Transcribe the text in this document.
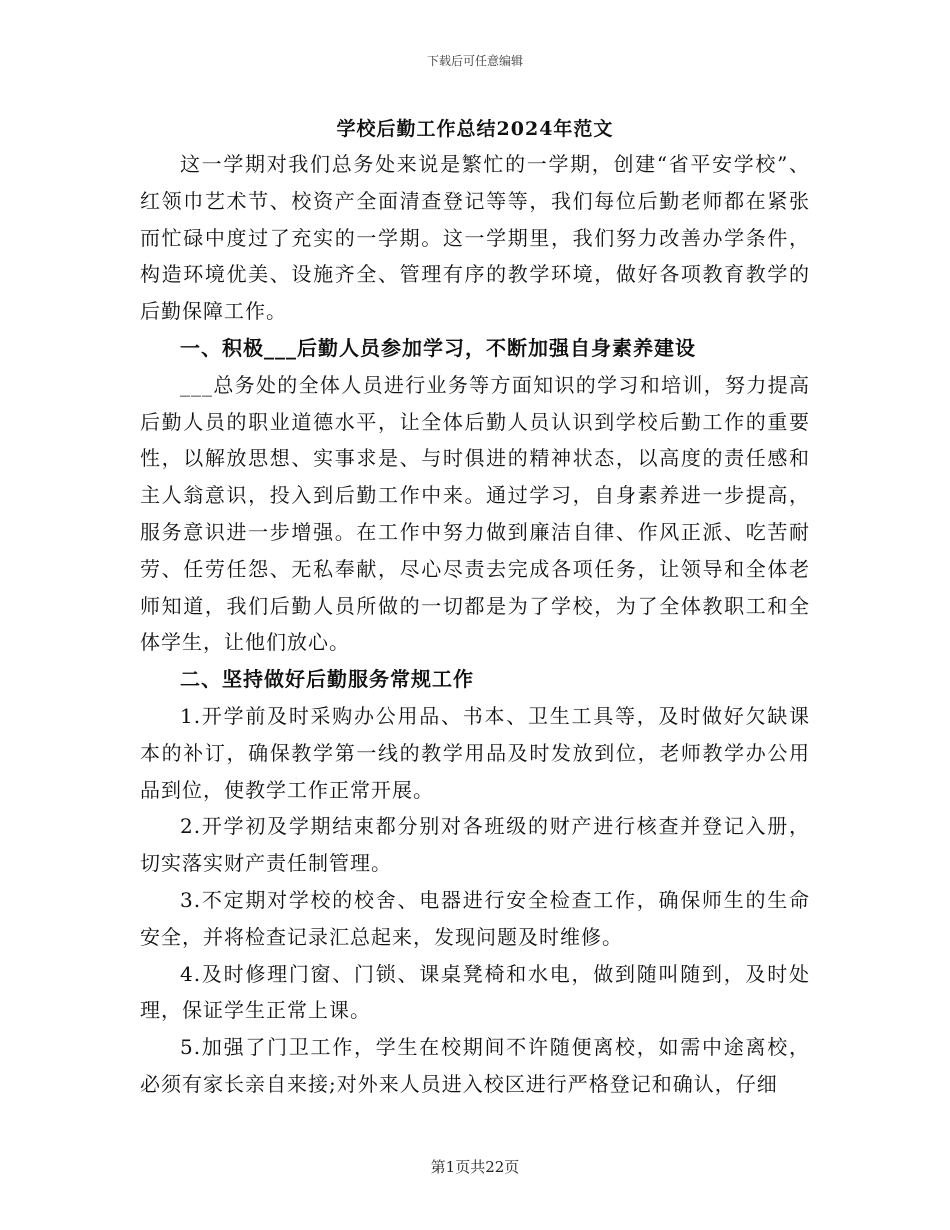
下载后可任意编辑
学校后勤工作总结2024年范文

这一学期对我们总务处来说是繁忙的一学期，创建“省平安学校”、红领巾艺术节、校资产全面清查登记等等，我们每位后勤老师都在紧张而忙碌中度过了充实的一学期。这一学期里，我们努力改善办学条件，构造环境优美、设施齐全、管理有序的教学环境，做好各项教育教学的后勤保障工作。

一、积极___后勤人员参加学习，不断加强自身素养建设

___总务处的全体人员进行业务等方面知识的学习和培训，努力提高后勤人员的职业道德水平，让全体后勤人员认识到学校后勤工作的重要性，以解放思想、实事求是、与时俱进的精神状态，以高度的责任感和主人翁意识，投入到后勤工作中来。通过学习，自身素养进一步提高，服务意识进一步增强。在工作中努力做到廉洁自律、作风正派、吃苦耐劳、任劳任怨、无私奉献，尽心尽责去完成各项任务，让领导和全体老师知道，我们后勤人员所做的一切都是为了学校，为了全体教职工和全体学生，让他们放心。

二、坚持做好后勤服务常规工作

1.开学前及时采购办公用品、书本、卫生工具等，及时做好欠缺课本的补订，确保教学第一线的教学用品及时发放到位，老师教学办公用品到位，使教学工作正常开展。

2.开学初及学期结束都分别对各班级的财产进行核查并登记入册，切实落实财产责任制管理。

3.不定期对学校的校舍、电器进行安全检查工作，确保师生的生命安全，并将检查记录汇总起来，发现问题及时维修。

4.及时修理门窗、门锁、课桌凳椅和水电，做到随叫随到，及时处理，保证学生正常上课。

5.加强了门卫工作，学生在校期间不许随便离校，如需中途离校，必须有家长亲自来接;对外来人员进入校区进行严格登记和确认，仔细

第1页共22页
